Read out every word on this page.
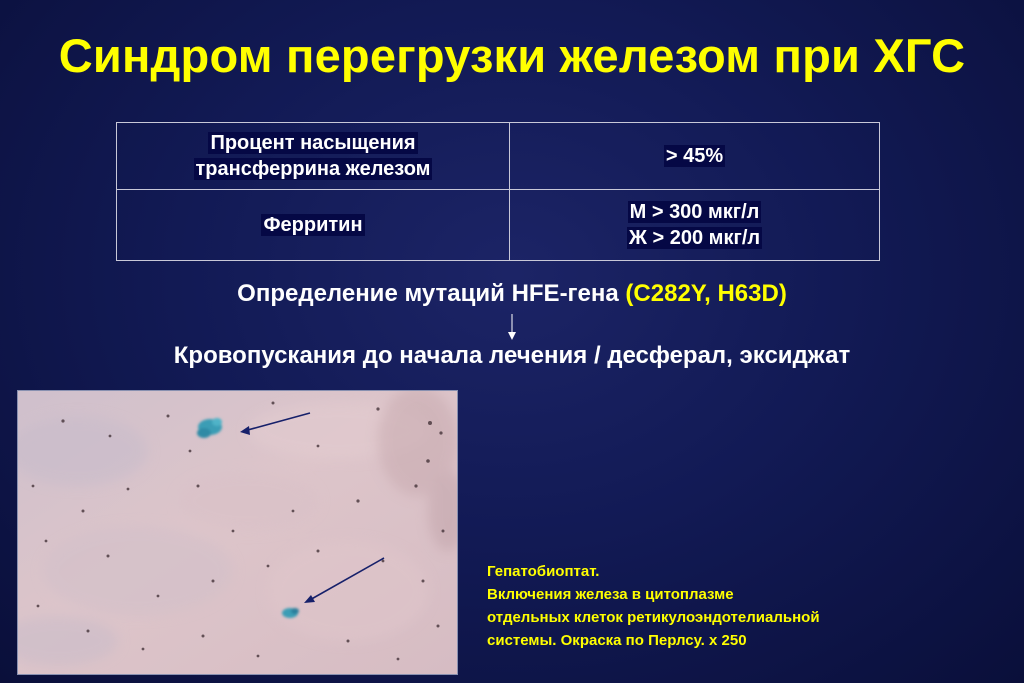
Синдром перегрузки железом при ХГС
Процент насыщения
трансферрина железом	> 45%
Ферритин	М > 300 мкг/л
Ж > 200 мкг/л
Определение мутаций HFE-гена (C282Y, H63D)
Кровопускания до начала лечения / десферал, эксиджат
Гепатобиоптат.
Включения железа в цитоплазме
отдельных клеток ретикулоэндотелиальной
системы. Окраска по Перлсу. х 250
